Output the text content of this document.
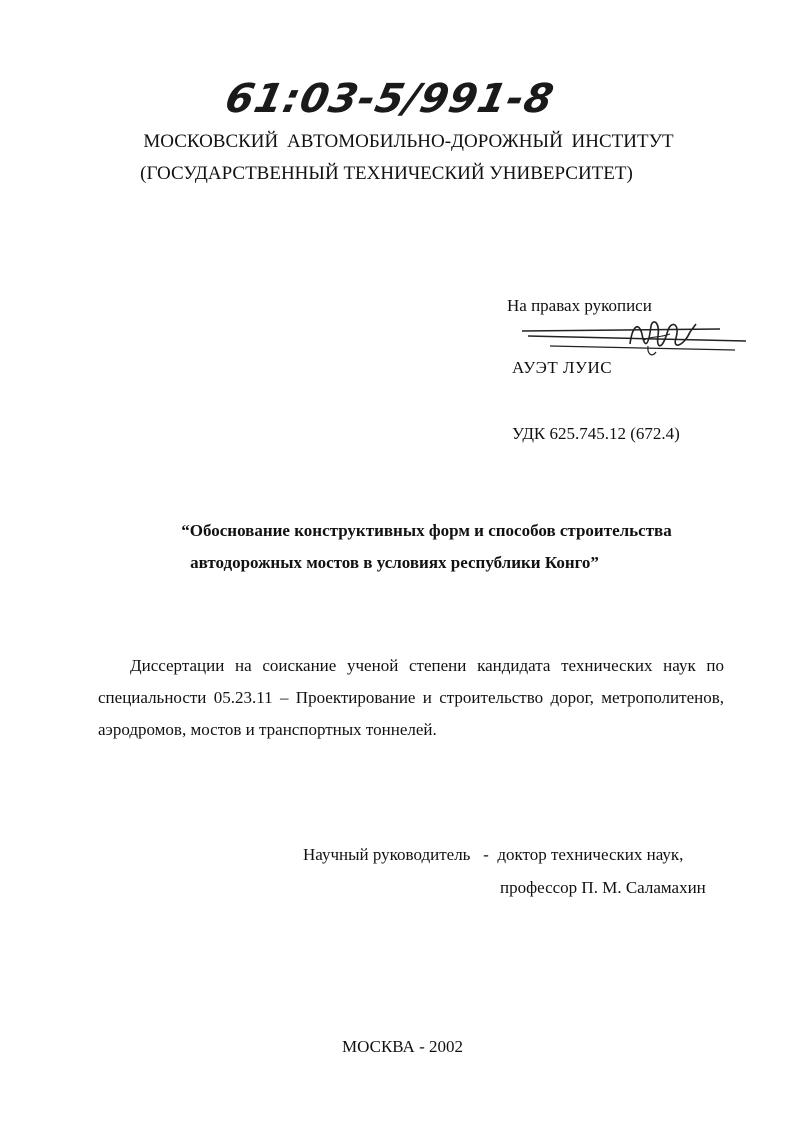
61:03-5/991-8
МОСКОВСКИЙ АВТОМОБИЛЬНО-ДОРОЖНЫЙ ИНСТИТУТ
(ГОСУДАРСТВЕННЫЙ ТЕХНИЧЕСКИЙ УНИВЕРСИТЕТ)
На правах рукописи
АУЭТ ЛУИС
УДК 625.745.12 (672.4)
“Обоснование конструктивных форм и способов строительства
автодорожных мостов в условиях республики Конго”
Диссертации на соискание ученой степени кандидата технических наук по специальности 05.23.11 – Проектирование и строительство дорог, метрополитенов, аэродромов, мостов и транспортных тоннелей.
Научный руководитель   -  доктор технических наук,
профессор П. М. Саламахин
МОСКВА - 2002
